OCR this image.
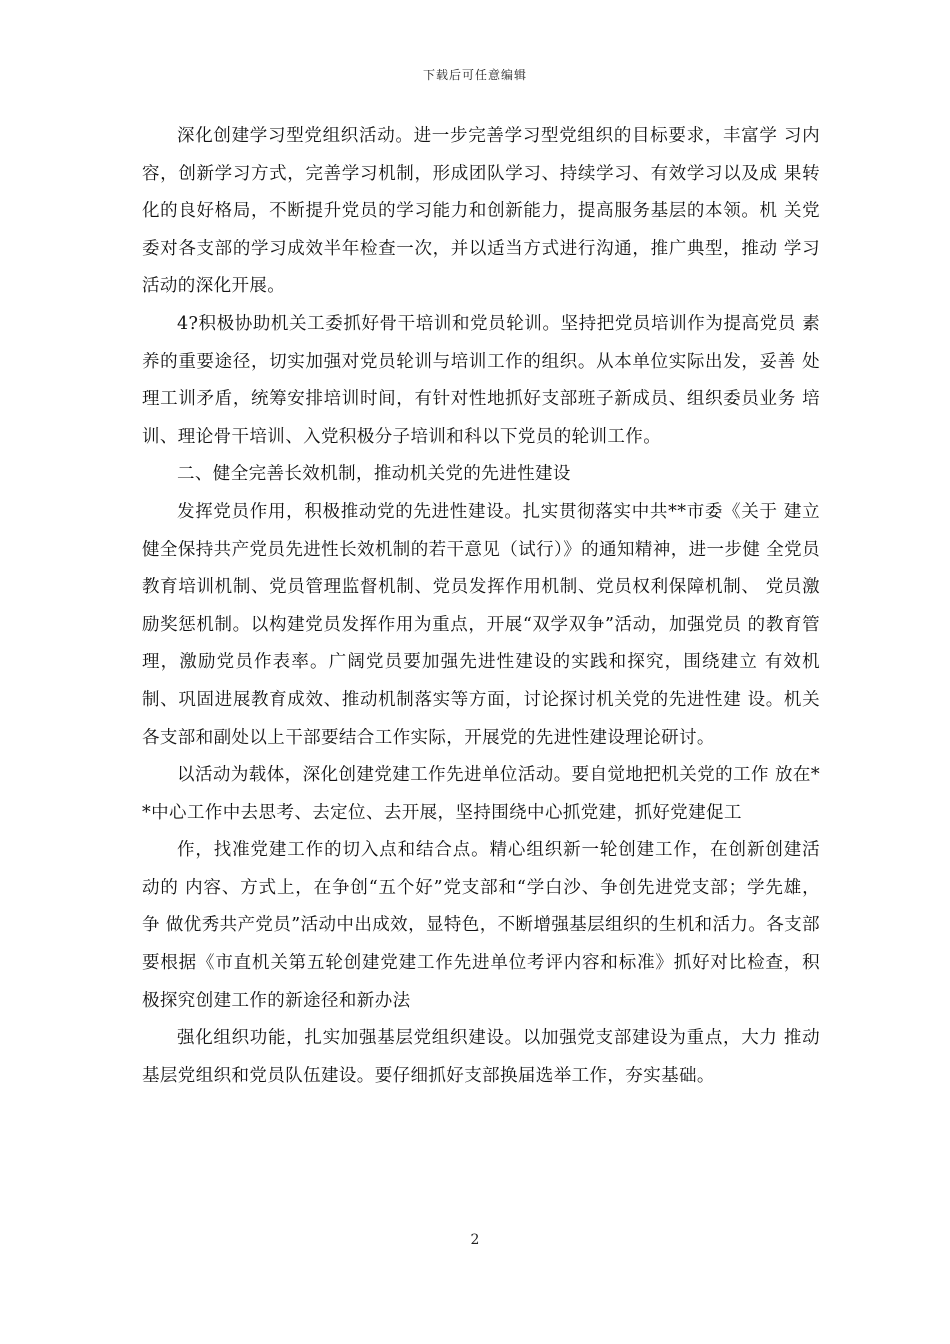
下载后可任意编辑

深化创建学习型党组织活动。进一步完善学习型党组织的目标要求，丰富学 习内容，创新学习方式，完善学习机制，形成团队学习、持续学习、有效学习以及成 果转化的良好格局，不断提升党员的学习能力和创新能力，提高服务基层的本领。机 关党委对各支部的学习成效半年检查一次，并以适当方式进行沟通，推广典型，推动 学习活动的深化开展。

4?积极协助机关工委抓好骨干培训和党员轮训。坚持把党员培训作为提高党员 素养的重要途径，切实加强对党员轮训与培训工作的组织。从本单位实际出发，妥善 处理工训矛盾，统筹安排培训时间，有针对性地抓好支部班子新成员、组织委员业务 培训、理论骨干培训、入党积极分子培训和科以下党员的轮训工作。

二、健全完善长效机制，推动机关党的先进性建设

发挥党员作用，积极推动党的先进性建设。扎实贯彻落实中共**市委《关于 建立健全保持共产党员先进性长效机制的若干意见（试行）》的通知精神，进一步健 全党员教育培训机制、党员管理监督机制、党员发挥作用机制、党员权利保障机制、 党员激励奖惩机制。以构建党员发挥作用为重点，开展“双学双争”活动，加强党员 的教育管理，激励党员作表率。广阔党员要加强先进性建设的实践和探究，围绕建立 有效机制、巩固进展教育成效、推动机制落实等方面，讨论探讨机关党的先进性建 设。机关各支部和副处以上干部要结合工作实际，开展党的先进性建设理论研讨。

以活动为载体，深化创建党建工作先进单位活动。要自觉地把机关党的工作 放在**中心工作中去思考、去定位、去开展，坚持围绕中心抓党建，抓好党建促工

作，找准党建工作的切入点和结合点。精心组织新一轮创建工作，在创新创建活动的 内容、方式上，在争创“五个好”党支部和“学白沙、争创先进党支部；学先雄，争 做优秀共产党员”活动中出成效，显特色，不断增强基层组织的生机和活力。各支部 要根据《市直机关第五轮创建党建工作先进单位考评内容和标准》抓好对比检查，积 极探究创建工作的新途径和新办法

强化组织功能，扎实加强基层党组织建设。以加强党支部建设为重点，大力 推动基层党组织和党员队伍建设。要仔细抓好支部换届选举工作，夯实基础。

2
